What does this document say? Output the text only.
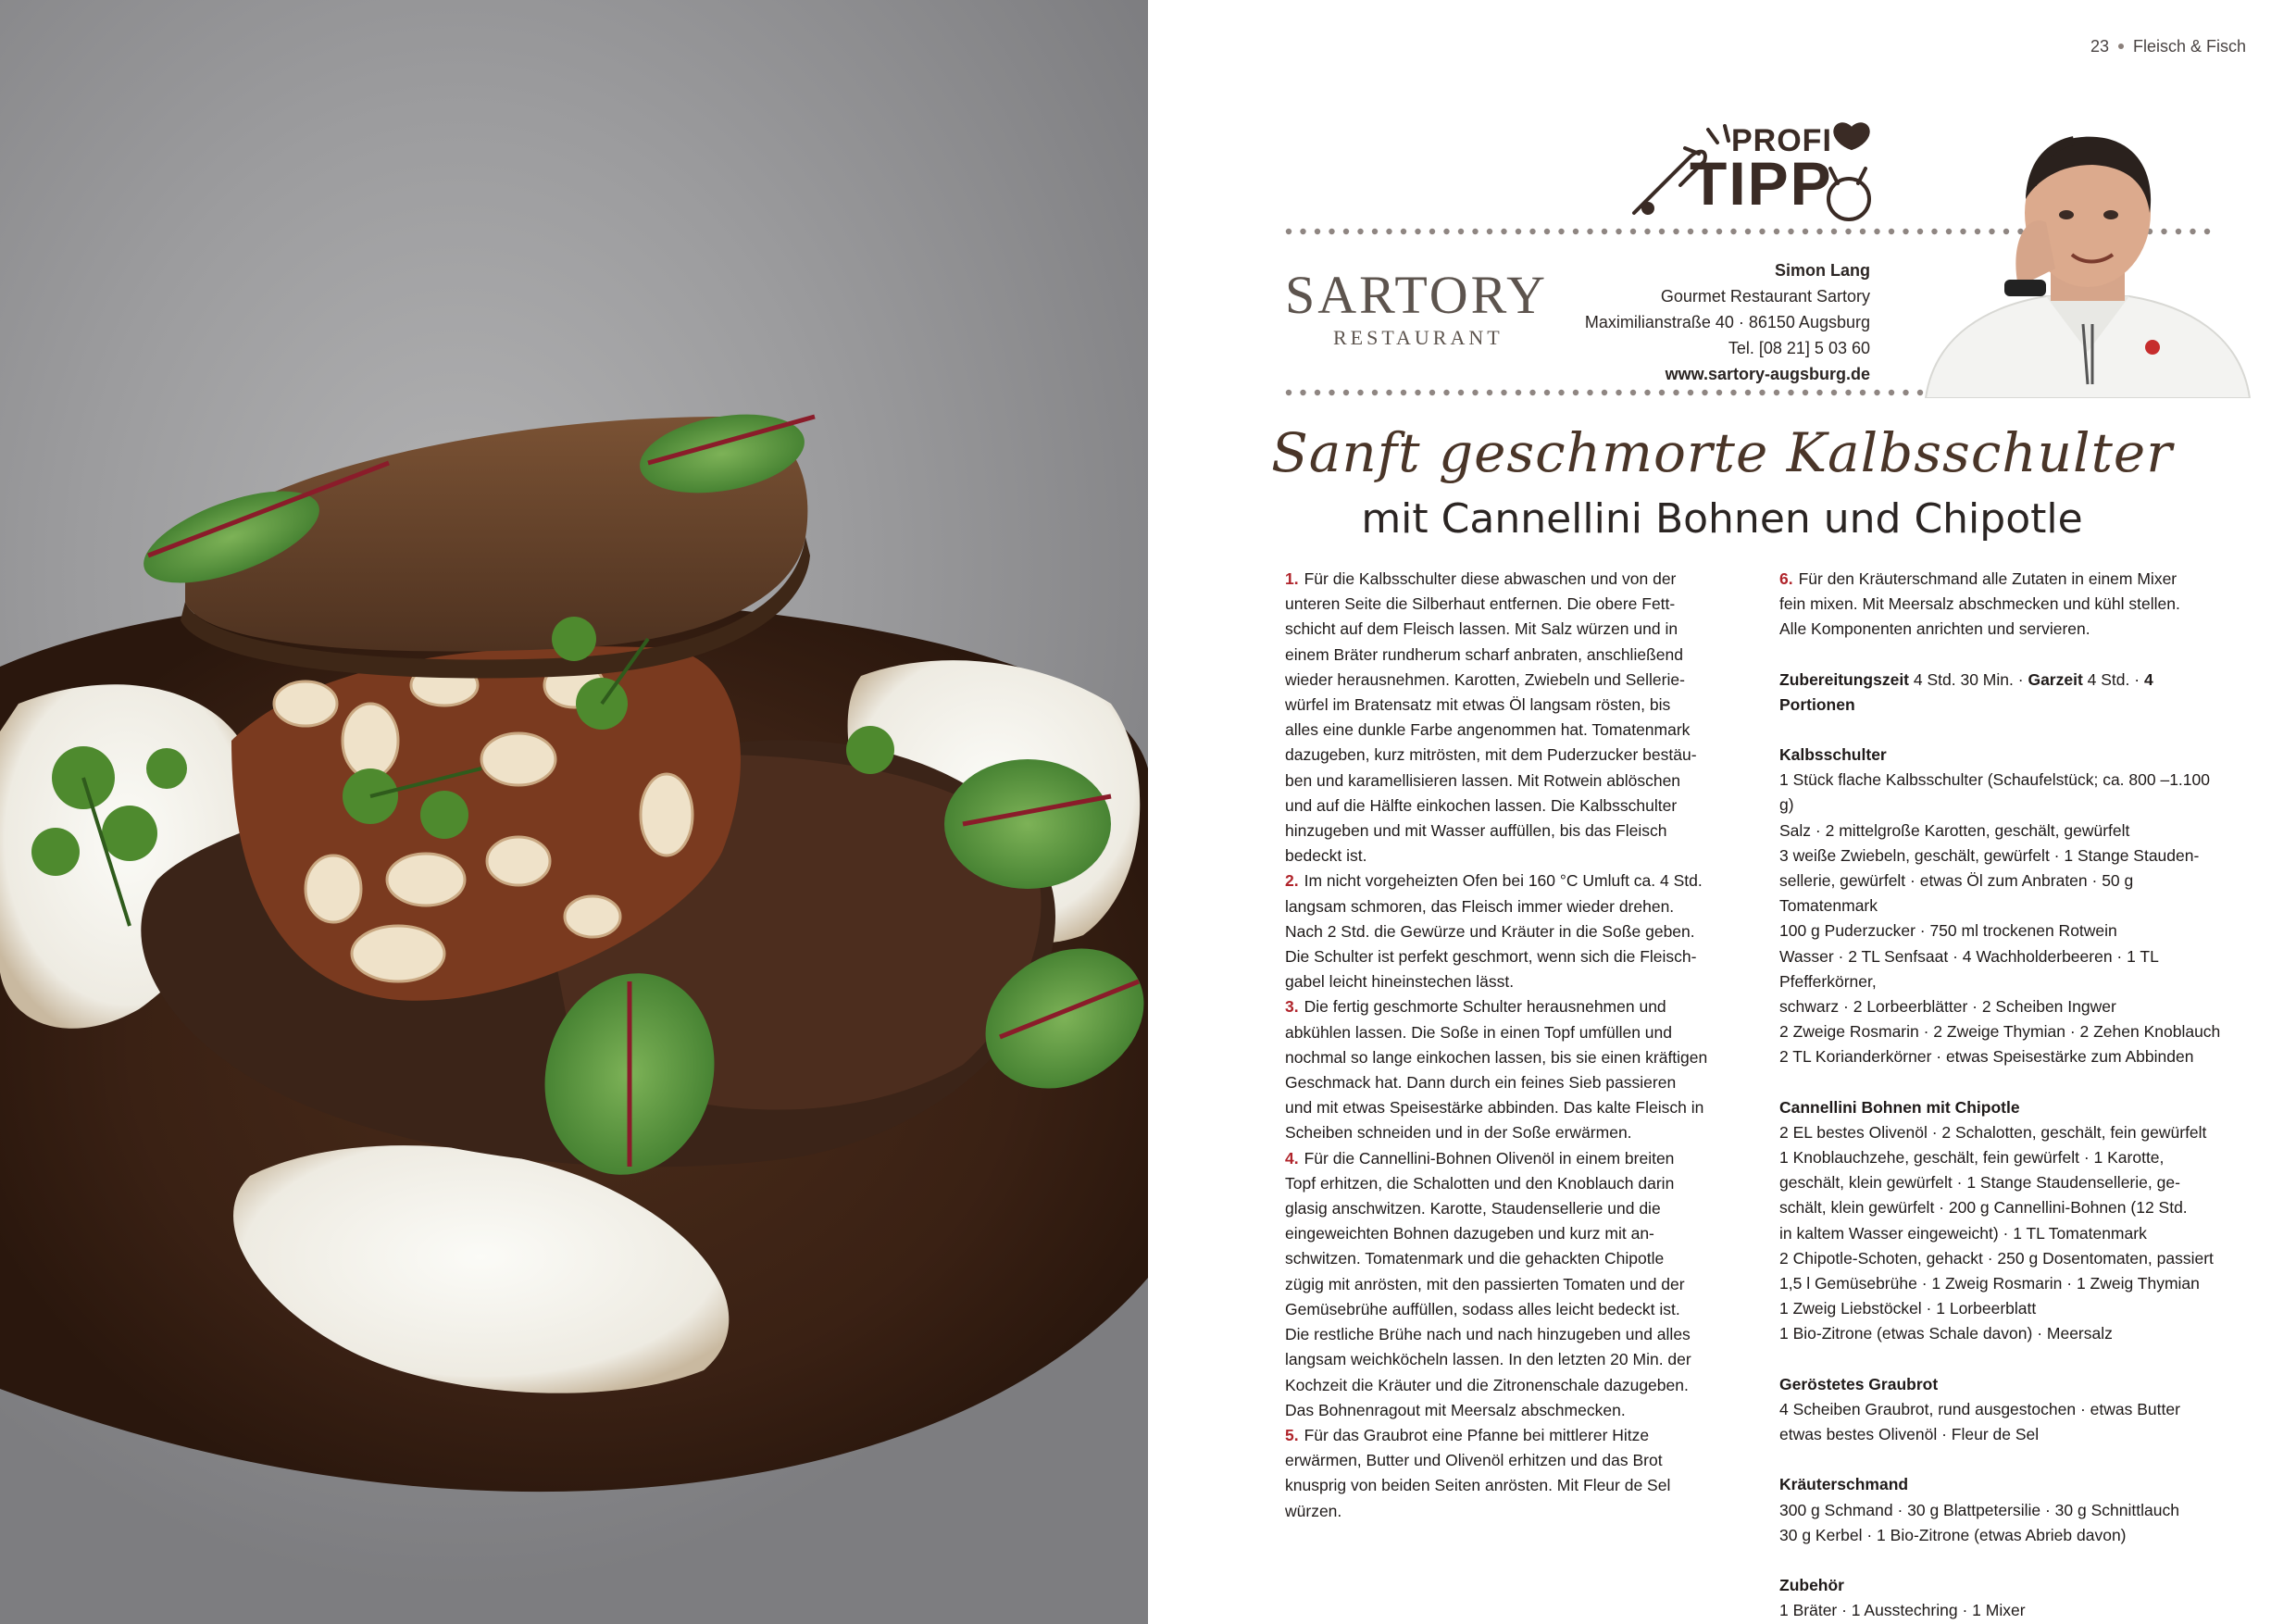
23 Fleisch & Fisch
PROFI
TIPP
SARTORY
RESTAURANT
Simon Lang
Gourmet Restaurant Sartory
Maximilianstraße 40 · 86150 Augsburg
Tel. [08 21] 5 03 60
www.sartory-augsburg.de
Sanft geschmorte Kalbsschulter
mit Cannellini Bohnen und Chipotle

1. Für die Kalbsschulter diese abwaschen und von der

unteren Seite die Silberhaut entfernen. Die obere Fett-

schicht auf dem Fleisch lassen. Mit Salz würzen und in

einem Bräter rundherum scharf anbraten, anschließend

wieder herausnehmen. Karotten, Zwiebeln und Sellerie-

würfel im Bratensatz mit etwas Öl langsam rösten, bis

alles eine dunkle Farbe angenommen hat. Tomatenmark

dazugeben, kurz mitrösten, mit dem Puderzucker bestäu-

ben und karamellisieren lassen. Mit Rotwein ablöschen

und auf die Hälfte einkochen lassen. Die Kalbsschulter

hinzugeben und mit Wasser auffüllen, bis das Fleisch

bedeckt ist.

2. Im nicht vorgeheizten Ofen bei 160 °C Umluft ca. 4 Std.

langsam schmoren, das Fleisch immer wieder drehen.

Nach 2 Std. die Gewürze und Kräuter in die Soße geben.

Die Schulter ist perfekt geschmort, wenn sich die Fleisch-

gabel leicht hineinstechen lässt.

3. Die fertig geschmorte Schulter herausnehmen und

abkühlen lassen. Die Soße in einen Topf umfüllen und

nochmal so lange einkochen lassen, bis sie einen kräftigen

Geschmack hat. Dann durch ein feines Sieb passieren

und mit etwas Speisestärke abbinden. Das kalte Fleisch in

Scheiben schneiden und in der Soße erwärmen.

4. Für die Cannellini-Bohnen Olivenöl in einem breiten

Topf erhitzen, die Schalotten und den Knoblauch darin

glasig anschwitzen. Karotte, Staudensellerie und die

eingeweichten Bohnen dazugeben und kurz mit an-

schwitzen. Tomatenmark und die gehackten Chipotle

zügig mit anrösten, mit den passierten Tomaten und der

Gemüsebrühe auffüllen, sodass alles leicht bedeckt ist.

Die restliche Brühe nach und nach hinzugeben und alles

langsam weichköcheln lassen. In den letzten 20 Min. der

Kochzeit die Kräuter und die Zitronenschale dazugeben.

Das Bohnenragout mit Meersalz abschmecken.

5. Für das Graubrot eine Pfanne bei mittlerer Hitze

erwärmen, Butter und Olivenöl erhitzen und das Brot

knusprig von beiden Seiten anrösten. Mit Fleur de Sel

würzen.

6. Für den Kräuterschmand alle Zutaten in einem Mixer

fein mixen. Mit Meersalz abschmecken und kühl stellen.

Alle Komponenten anrichten und servieren.

Zubereitungszeit 4 Std. 30 Min. · Garzeit 4 Std. · 4 Portionen

Kalbsschulter

1 Stück flache Kalbsschulter (Schaufelstück; ca. 800 –1.100 g)

Salz · 2 mittelgroße Karotten, geschält, gewürfelt

3 weiße Zwiebeln, geschält, gewürfelt · 1 Stange Stauden-

sellerie, gewürfelt · etwas Öl zum Anbraten · 50 g Tomatenmark

100 g Puderzucker · 750 ml trockenen Rotwein

Wasser · 2 TL Senfsaat · 4 Wachholderbeeren · 1 TL Pfefferkörner,

schwarz · 2 Lorbeerblätter · 2 Scheiben Ingwer

2 Zweige Rosmarin · 2 Zweige Thymian · 2 Zehen Knoblauch

2 TL Korianderkörner · etwas Speisestärke zum Abbinden

Cannellini Bohnen mit Chipotle

2 EL bestes Olivenöl · 2 Schalotten, geschält, fein gewürfelt

1 Knoblauchzehe, geschält, fein gewürfelt · 1 Karotte,

geschält, klein gewürfelt · 1 Stange Staudensellerie, ge-

schält, klein gewürfelt · 200 g Cannellini-Bohnen (12 Std.

in kaltem Wasser eingeweicht) · 1 TL Tomatenmark

2 Chipotle-Schoten, gehackt · 250 g Dosentomaten, passiert

1,5 l Gemüsebrühe · 1 Zweig Rosmarin · 1 Zweig Thymian

1 Zweig Liebstöckel · 1 Lorbeerblatt

1 Bio-Zitrone (etwas Schale davon) · Meersalz

Geröstetes Graubrot

4 Scheiben Graubrot, rund ausgestochen · etwas Butter

etwas bestes Olivenöl · Fleur de Sel

Kräuterschmand

300 g Schmand · 30 g Blattpetersilie · 30 g Schnittlauch

30 g Kerbel · 1 Bio-Zitrone (etwas Abrieb davon)

Zubehör

1 Bräter · 1 Ausstechring · 1 Mixer
